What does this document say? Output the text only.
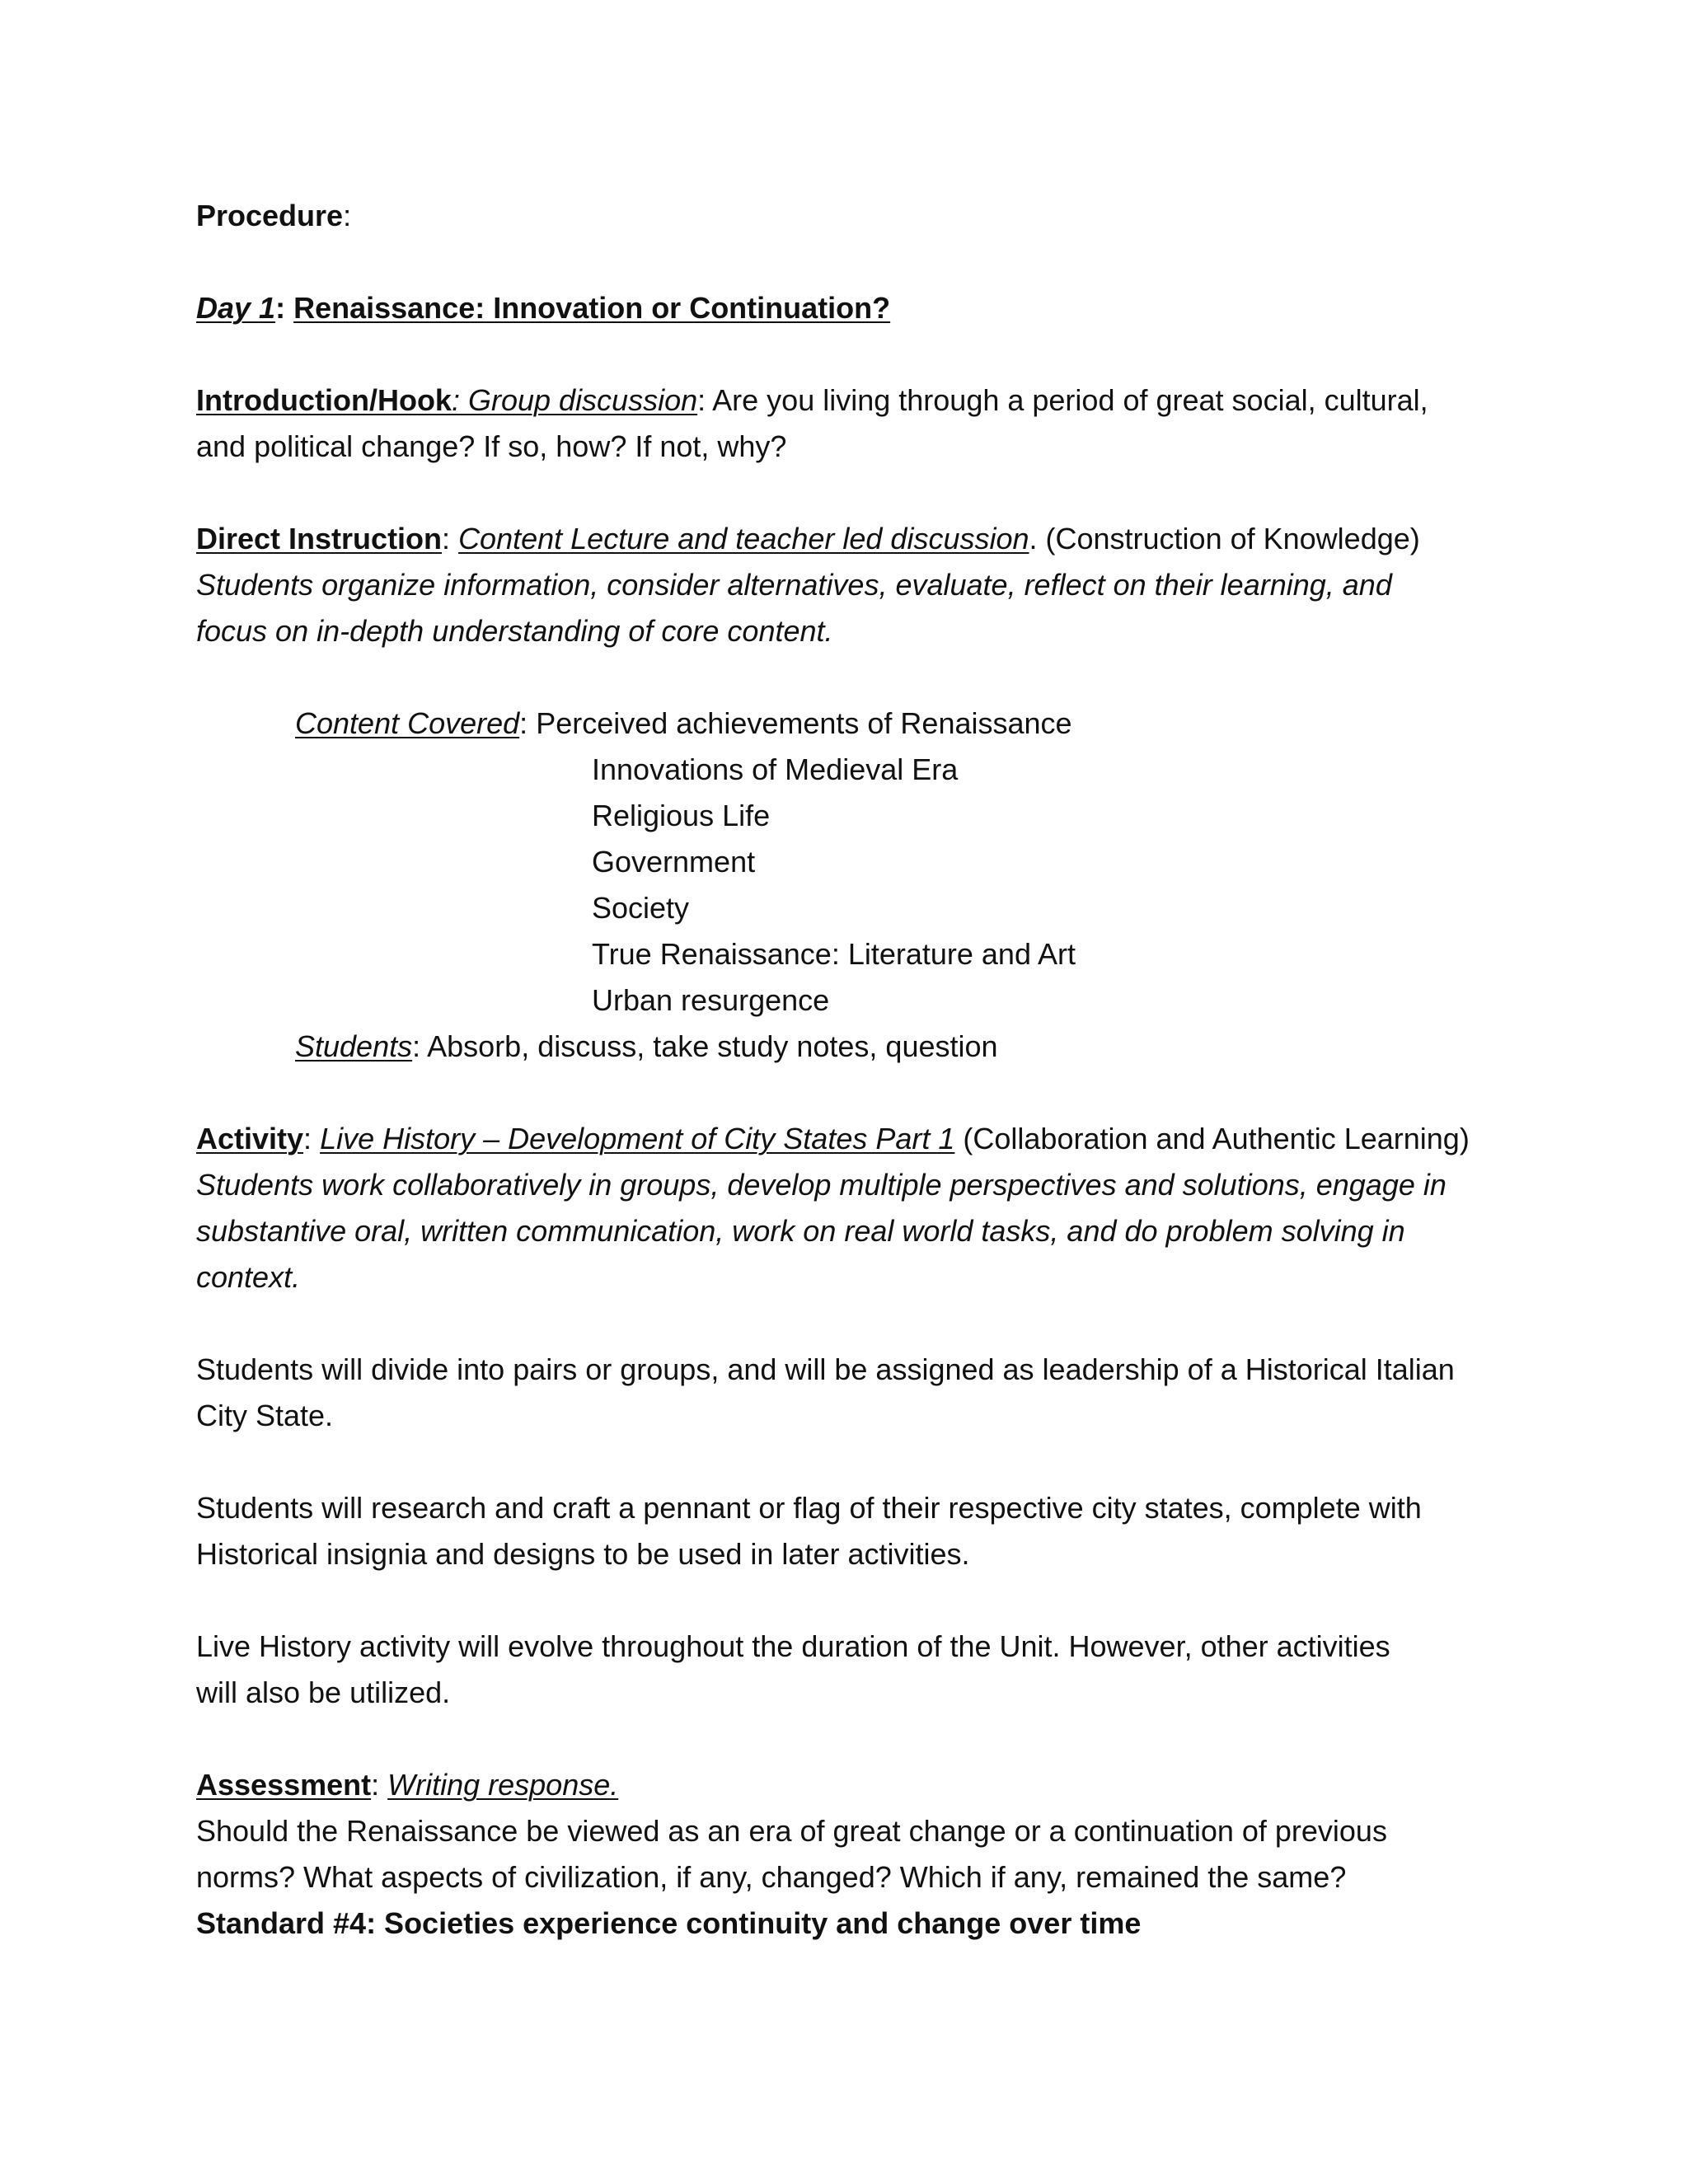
Procedure:
Day 1: Renaissance: Innovation or Continuation?
Introduction/Hook: Group discussion: Are you living through a period of great social, cultural,
and political change? If so, how? If not, why?
Direct Instruction: Content Lecture and teacher led discussion. (Construction of Knowledge)
Students organize information, consider alternatives, evaluate, reflect on their learning, and
focus on in-depth understanding of core content.
Content Covered: Perceived achievements of Renaissance
Innovations of Medieval Era
Religious Life
Government
Society
True Renaissance: Literature and Art
Urban resurgence
Students: Absorb, discuss, take study notes, question
Activity: Live History – Development of City States Part 1 (Collaboration and Authentic Learning)
Students work collaboratively in groups, develop multiple perspectives and solutions, engage in
substantive oral, written communication, work on real world tasks, and do problem solving in
context.
Students will divide into pairs or groups, and will be assigned as leadership of a Historical Italian
City State.
Students will research and craft a pennant or flag of their respective city states, complete with
Historical insignia and designs to be used in later activities.
Live History activity will evolve throughout the duration of the Unit. However, other activities
will also be utilized.
Assessment: Writing response.
Should the Renaissance be viewed as an era of great change or a continuation of previous
norms? What aspects of civilization, if any, changed? Which if any, remained the same?
Standard #4: Societies experience continuity and change over time
